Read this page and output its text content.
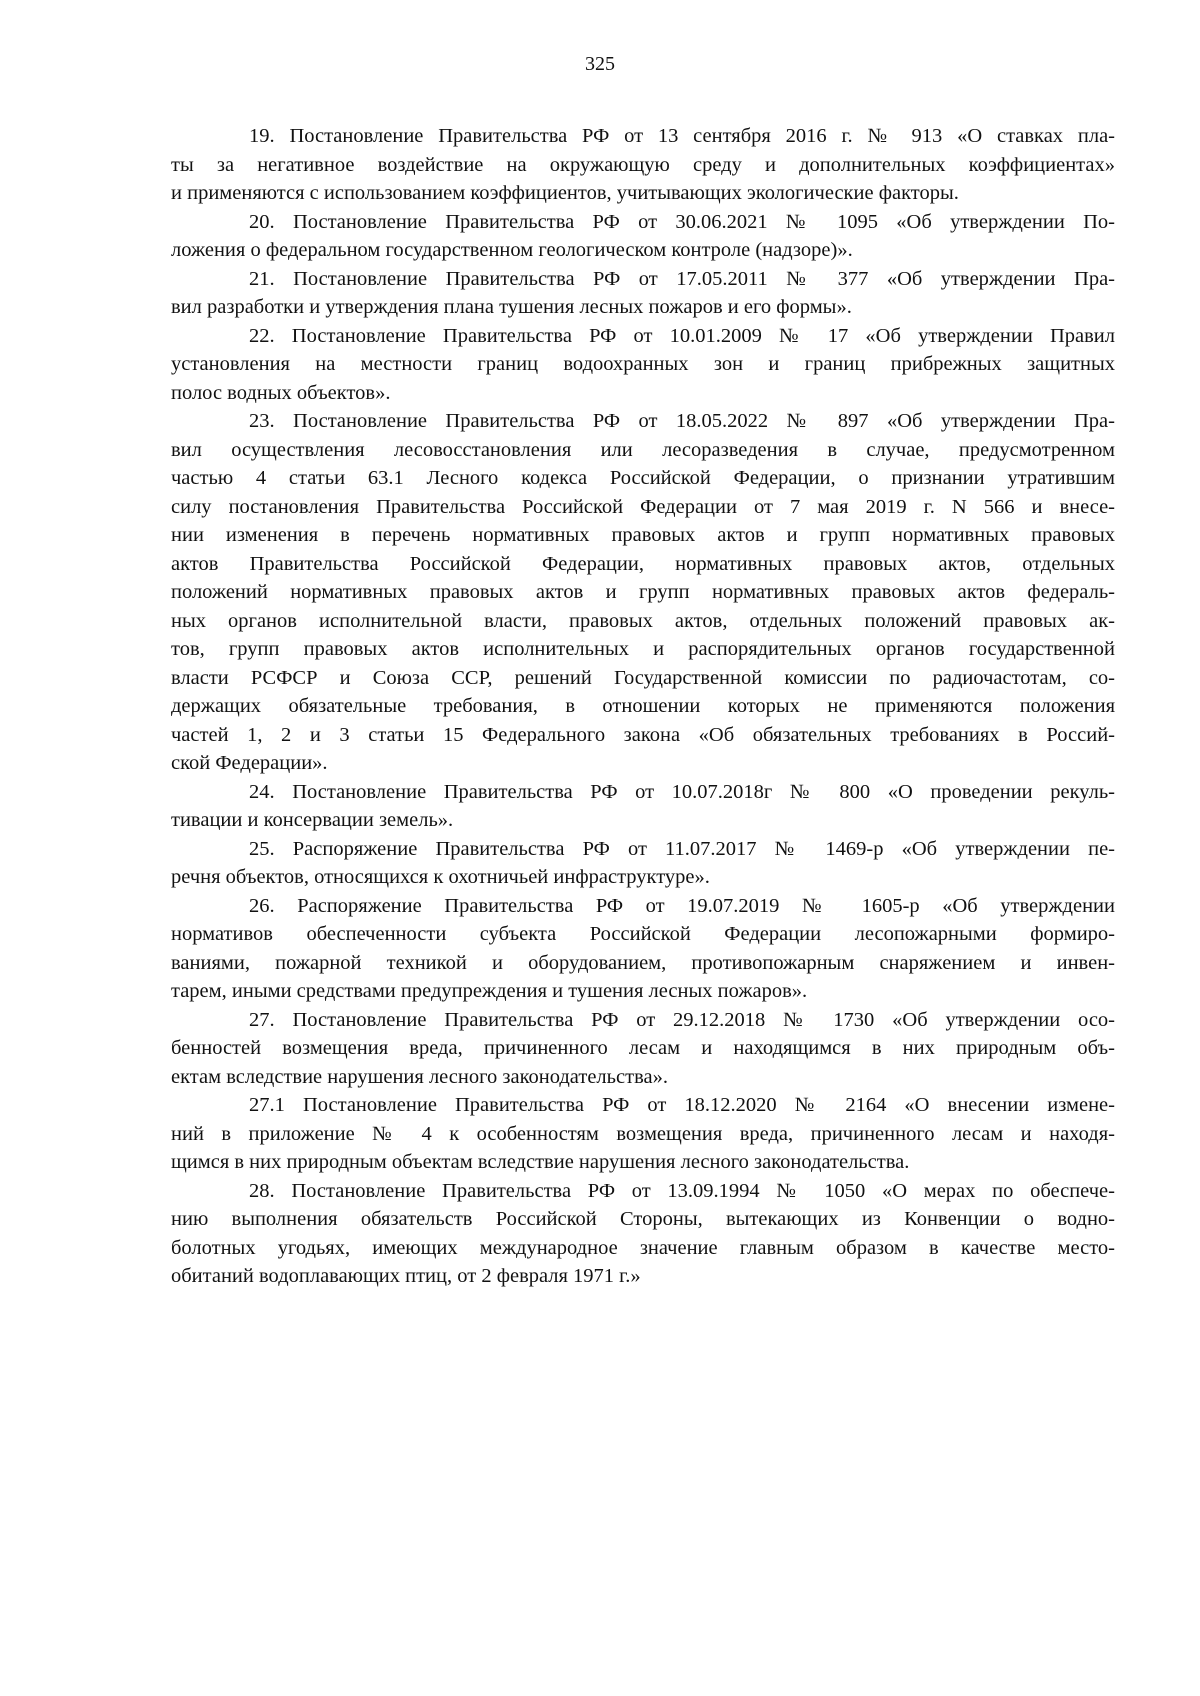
325
19. Постановление Правительства РФ от 13 сентября 2016 г. № 913 «О ставках пла-
ты за негативное воздействие на окружающую среду и дополнительных коэффициентах»
и применяются с использованием коэффициентов, учитывающих экологические факторы.
20. Постановление Правительства РФ от 30.06.2021 № 1095 «Об утверждении По-
ложения о федеральном государственном геологическом контроле (надзоре)».
21. Постановление Правительства РФ от 17.05.2011 № 377 «Об утверждении Пра-
вил разработки и утверждения плана тушения лесных пожаров и его формы».
22. Постановление Правительства РФ от 10.01.2009 № 17 «Об утверждении Правил
установления на местности границ водоохранных зон и границ прибрежных защитных
полос водных объектов».
23. Постановление Правительства РФ от 18.05.2022 № 897 «Об утверждении Пра-
вил осуществления лесовосстановления или лесоразведения в случае, предусмотренном
частью 4 статьи 63.1 Лесного кодекса Российской Федерации, о признании утратившим
силу постановления Правительства Российской Федерации от 7 мая 2019 г. N 566 и внесе-
нии изменения в перечень нормативных правовых актов и групп нормативных правовых
актов Правительства Российской Федерации, нормативных правовых актов, отдельных
положений нормативных правовых актов и групп нормативных правовых актов федераль-
ных органов исполнительной власти, правовых актов, отдельных положений правовых ак-
тов, групп правовых актов исполнительных и распорядительных органов государственной
власти РСФСР и Союза ССР, решений Государственной комиссии по радиочастотам, со-
держащих обязательные требования, в отношении которых не применяются положения
частей 1, 2 и 3 статьи 15 Федерального закона «Об обязательных требованиях в Россий-
ской Федерации».
24. Постановление Правительства РФ от 10.07.2018г № 800 «О проведении рекуль-
тивации и консервации земель».
25. Распоряжение Правительства РФ от 11.07.2017 № 1469-р «Об утверждении пе-
речня объектов, относящихся к охотничьей инфраструктуре».
26. Распоряжение Правительства РФ от 19.07.2019 № 1605-р «Об утверждении
нормативов обеспеченности субъекта Российской Федерации лесопожарными формиро-
ваниями, пожарной техникой и оборудованием, противопожарным снаряжением и инвен-
тарем, иными средствами предупреждения и тушения лесных пожаров».
27. Постановление Правительства РФ от 29.12.2018 № 1730 «Об утверждении осо-
бенностей возмещения вреда, причиненного лесам и находящимся в них природным объ-
ектам вследствие нарушения лесного законодательства».
27.1 Постановление Правительства РФ от 18.12.2020 № 2164 «О внесении измене-
ний в приложение № 4 к особенностям возмещения вреда, причиненного лесам и находя-
щимся в них природным объектам вследствие нарушения лесного законодательства.
28. Постановление Правительства РФ от 13.09.1994 № 1050 «О мерах по обеспече-
нию выполнения обязательств Российской Стороны, вытекающих из Конвенции о водно-
болотных угодьях, имеющих международное значение главным образом в качестве место-
обитаний водоплавающих птиц, от 2 февраля 1971 г.»
